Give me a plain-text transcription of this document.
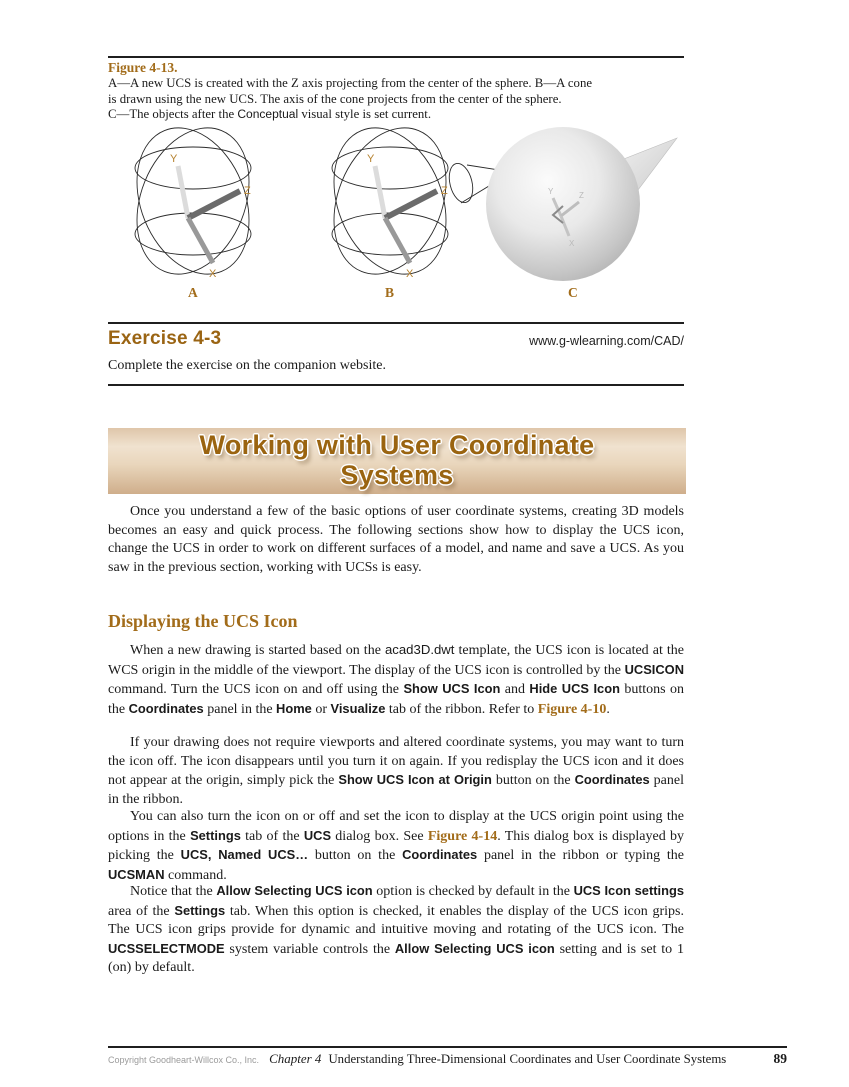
Figure 4-13.
A—A new UCS is created with the Z axis projecting from the center of the sphere. B—A cone
is drawn using the new UCS. The axis of the cone projects from the center of the sphere.
C—The objects after the Conceptual visual style is set current.
Y
Z
X
A
Y
Z
X
B
Y	Z
X
C
Exercise 4-3	www.g-wlearning.com/CAD/
Complete the exercise on the companion website.
Working with User Coordinate
Systems
Once you understand a few of the basic options of user coordinate systems, creating 3D models becomes an easy and quick process. The following sections show how to display the UCS icon, change the UCS in order to work on different surfaces of a model, and name and save a UCS. As you saw in the previous section, working with UCSs is easy.
Displaying the UCS Icon
When a new drawing is started based on the acad3D.dwt template, the UCS icon is located at the WCS origin in the middle of the viewport. The display of the UCS icon is controlled by the UCSICON command. Turn the UCS icon on and off using the Show UCS Icon and Hide UCS Icon buttons on the Coordinates panel in the Home or Visualize tab of the ribbon. Refer to Figure 4-10.
If your drawing does not require viewports and altered coordinate systems, you may want to turn the icon off. The icon disappears until you turn it on again. If you redisplay the UCS icon and it does not appear at the origin, simply pick the Show UCS Icon at Origin button on the Coordinates panel in the ribbon.
You can also turn the icon on or off and set the icon to display at the UCS origin point using the options in the Settings tab of the UCS dialog box. See Figure 4-14. This dialog box is displayed by picking the UCS, Named UCS… button on the Coordinates panel in the ribbon or typing the UCSMAN command.
Notice that the Allow Selecting UCS icon option is checked by default in the UCS Icon settings area of the Settings tab. When this option is checked, it enables the display of the UCS icon grips. The UCS icon grips provide for dynamic and intuitive moving and rotating of the UCS icon. The UCSSELECTMODE system variable controls the Allow Selecting UCS icon setting and is set to 1 (on) by default.
Copyright Goodheart-Willcox Co., Inc. Chapter 4 Understanding Three-Dimensional Coordinates and User Coordinate Systems	89
